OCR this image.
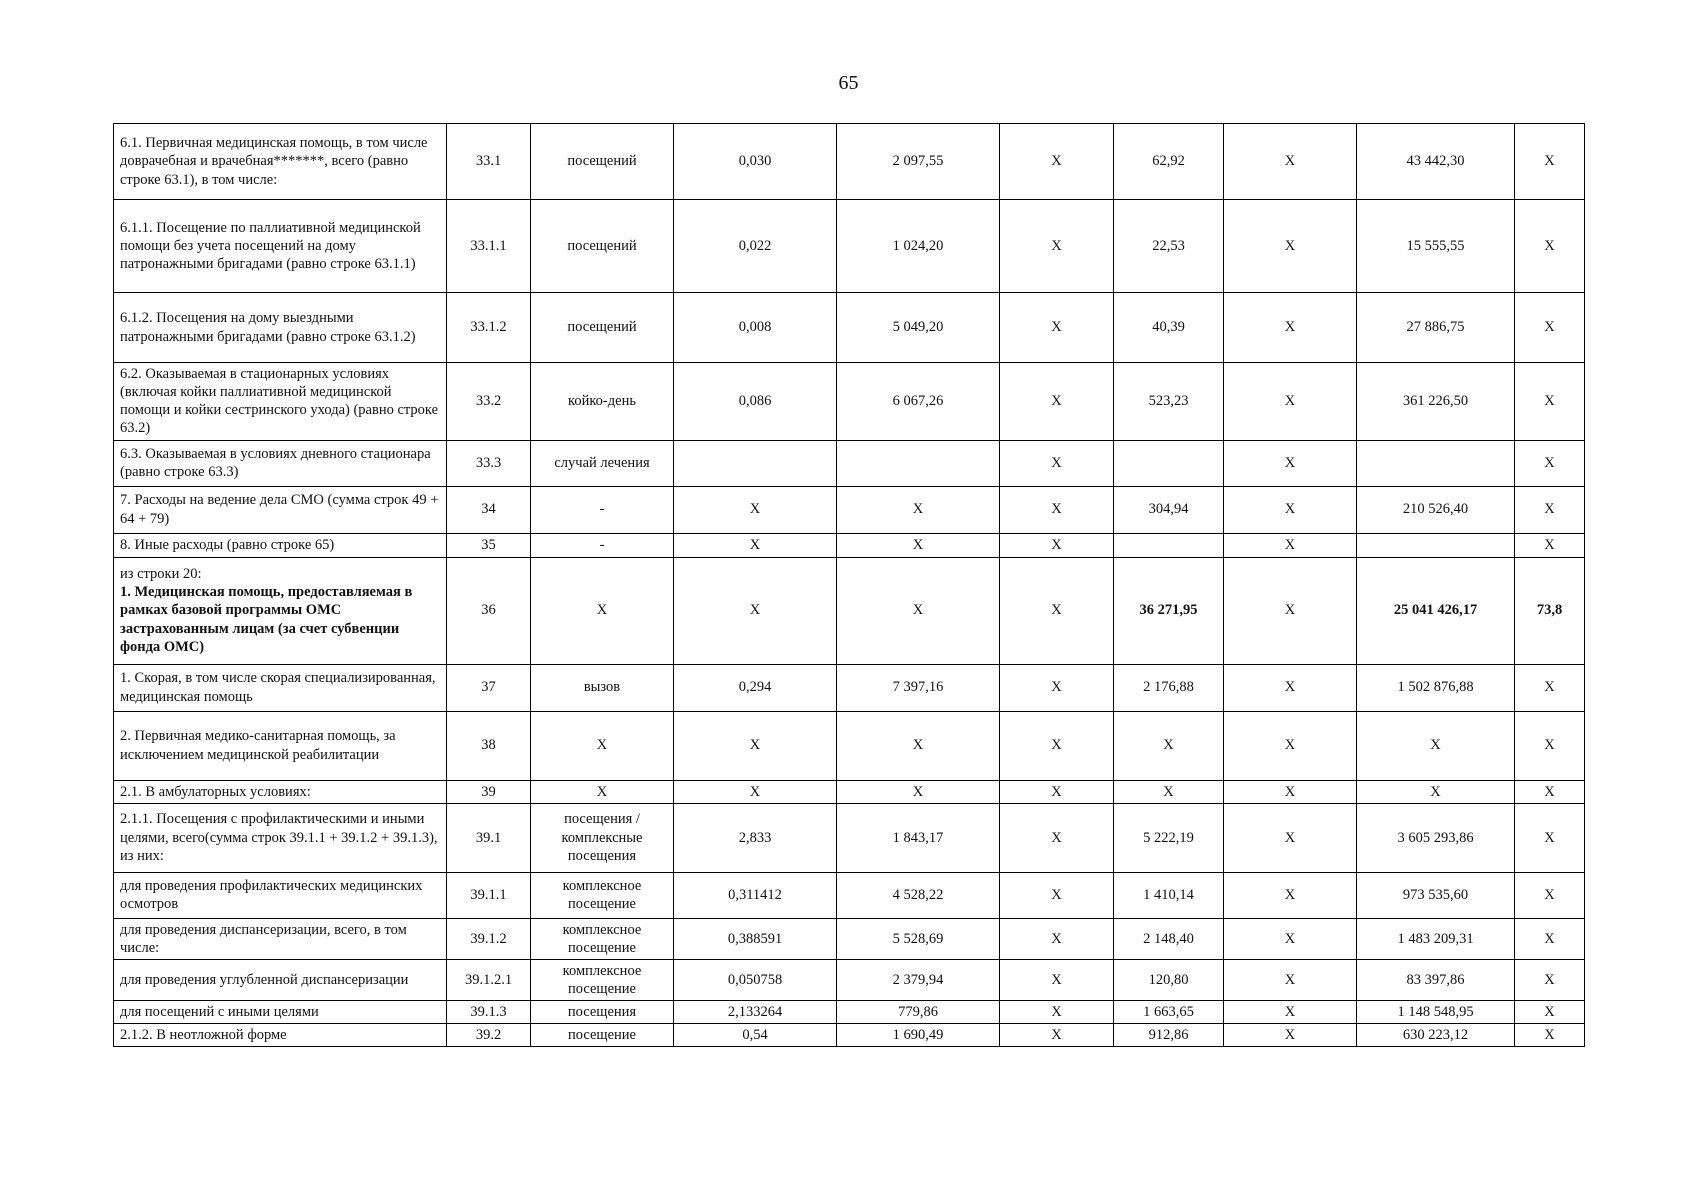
65
6.1. Первичная медицинская помощь, в том числе доврачебная и врачебная*******, всего (равно строке 63.1), в том числе:	33.1	посещений	0,030	2 097,55	Х	62,92	Х	43 442,30	Х
6.1.1. Посещение по паллиативной медицинской помощи без учета посещений на дому патронажными бригадами (равно строке 63.1.1)	33.1.1	посещений	0,022	1 024,20	Х	22,53	Х	15 555,55	Х
6.1.2. Посещения на дому выездными патронажными бригадами (равно строке 63.1.2)	33.1.2	посещений	0,008	5 049,20	Х	40,39	Х	27 886,75	Х
6.2. Оказываемая в стационарных условиях (включая койки паллиативной медицинской помощи и койки сестринского ухода) (равно строке 63.2)	33.2	койко-день	0,086	6 067,26	Х	523,23	Х	361 226,50	Х
6.3. Оказываемая в условиях дневного стационара (равно строке 63.3)	33.3	случай лечения			Х		Х		Х
7. Расходы на ведение дела СМО (сумма строк 49 + 64 + 79)	34	-	Х	Х	Х	304,94	Х	210 526,40	Х
8. Иные расходы (равно строке 65)	35	-	Х	Х	Х		Х		Х

из строки 20:
1. Медицинская помощь, предоставляемая в рамках базовой программы ОМС застрахованным лицам (за счет субвенции фонда ОМС)	36	Х	Х	Х	Х	36 271,95	Х	25 041 426,17	73,8
1. Скорая, в том числе скорая специализированная, медицинская помощь	37	вызов	0,294	7 397,16	Х	2 176,88	Х	1 502 876,88	Х
2. Первичная медико-санитарная помощь, за исключением медицинской реабилитации	38	Х	Х	Х	Х	Х	Х	Х	Х
2.1. В амбулаторных условиях:	39	Х	Х	Х	Х	Х	Х	Х	Х
2.1.1. Посещения с профилактическими и иными целями, всего(сумма строк 39.1.1 + 39.1.2 + 39.1.3), из них:	39.1	посещения / комплексные посещения	2,833	1 843,17	Х	5 222,19	Х	3 605 293,86	Х
для проведения профилактических медицинских осмотров	39.1.1	комплексное посещение	0,311412	4 528,22	Х	1 410,14	Х	973 535,60	Х
для проведения диспансеризации, всего, в том числе:	39.1.2	комплексное посещение	0,388591	5 528,69	Х	2 148,40	Х	1 483 209,31	Х
для проведения углубленной диспансеризации	39.1.2.1	комплексное посещение	0,050758	2 379,94	Х	120,80	Х	83 397,86	Х
для посещений с иными целями	39.1.3	посещения	2,133264	779,86	Х	1 663,65	Х	1 148 548,95	Х
2.1.2. В неотложной форме	39.2	посещение	0,54	1 690,49	Х	912,86	Х	630 223,12	Х
